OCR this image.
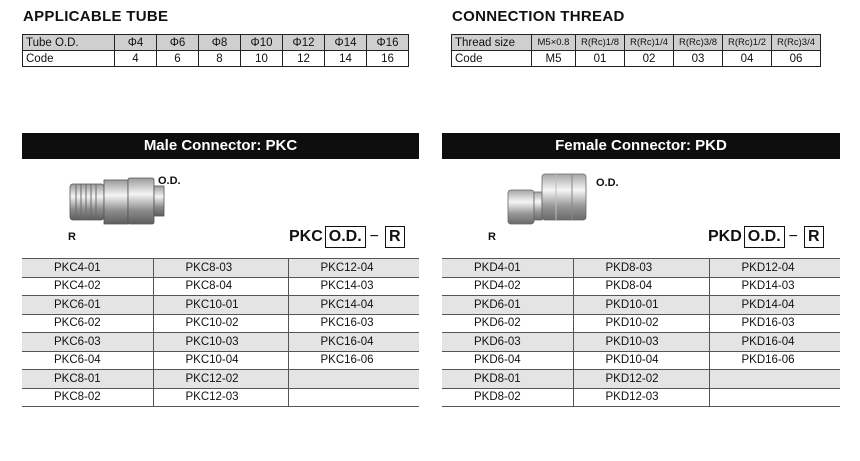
APPLICABLE TUBE
Tube O.D.	Φ4	Φ6	Φ8	Φ10	Φ12	Φ14	Φ16
Code	4	6	8	10	12	14	16
CONNECTION THREAD
Thread size	M5×0.8	R(Rc)1/8	R(Rc)1/4	R(Rc)3/8	R(Rc)1/2	R(Rc)3/4
Code	M5	01	02	03	04	06
Male Connector: PKC
O.D.
R	PKC O.D. − R
PKC4-01	PKC8-03	PKC12-04
PKC4-02	PKC8-04	PKC14-03
PKC6-01	PKC10-01	PKC14-04
PKC6-02	PKC10-02	PKC16-03
PKC6-03	PKC10-03	PKC16-04
PKC6-04	PKC10-04	PKC16-06
PKC8-01	PKC12-02	
PKC8-02	PKC12-03	
Female Connector: PKD
O.D.
R	PKD O.D. − R
PKD4-01	PKD8-03	PKD12-04
PKD4-02	PKD8-04	PKD14-03
PKD6-01	PKD10-01	PKD14-04
PKD6-02	PKD10-02	PKD16-03
PKD6-03	PKD10-03	PKD16-04
PKD6-04	PKD10-04	PKD16-06
PKD8-01	PKD12-02	
PKD8-02	PKD12-03	
